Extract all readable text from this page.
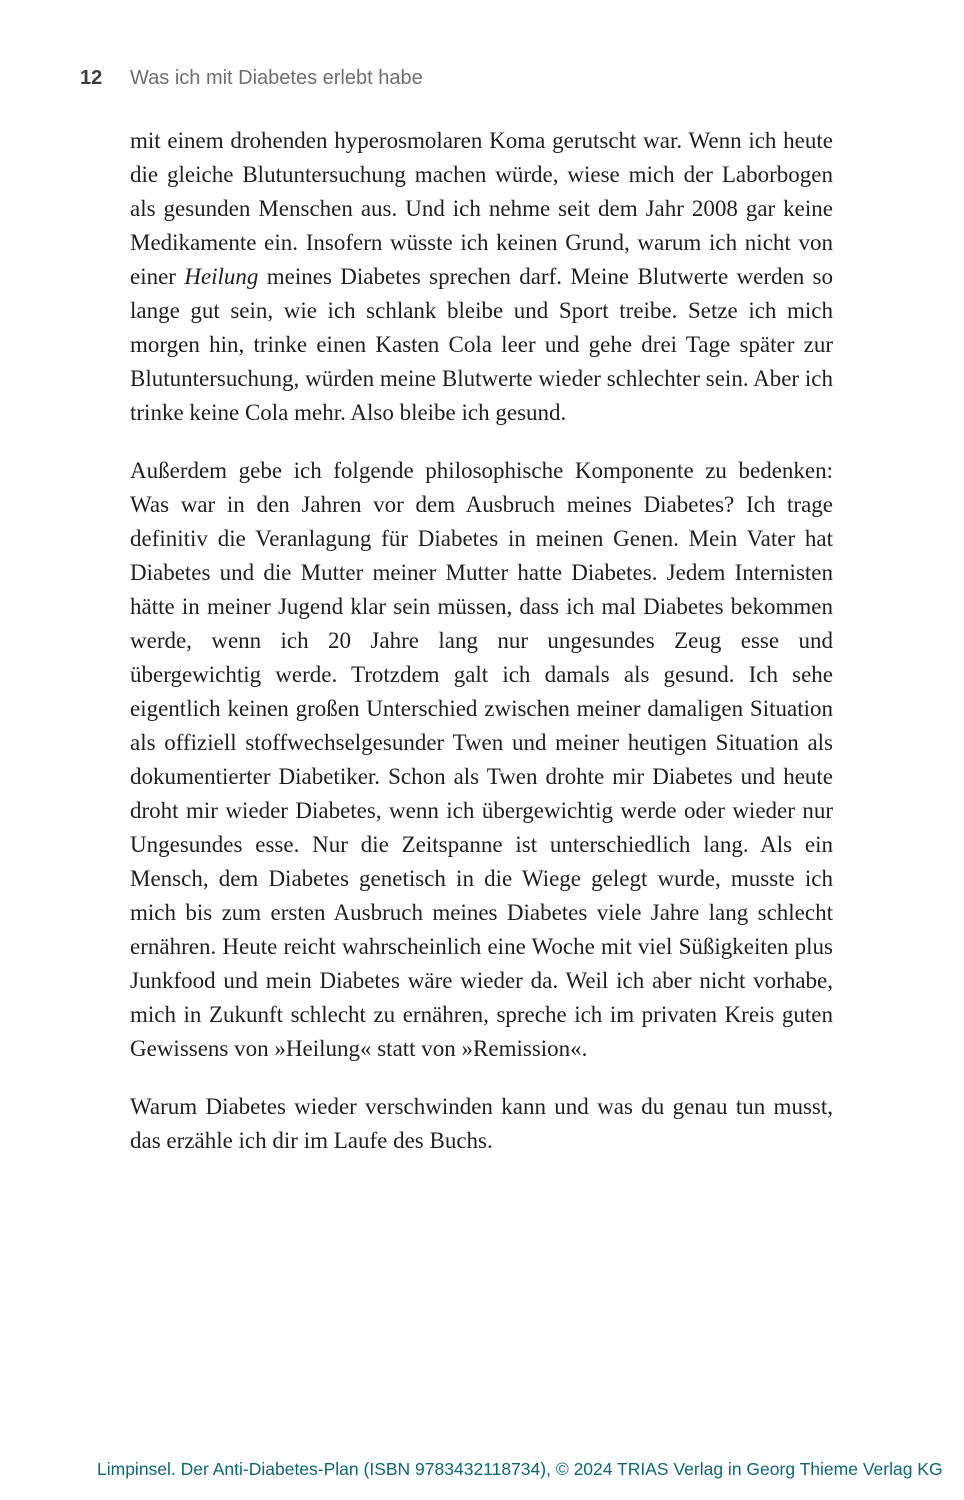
12	Was ich mit Diabetes erlebt habe

mit einem drohenden hyperosmolaren Koma gerutscht war. Wenn ich heute die gleiche Blutuntersuchung machen würde, wiese mich der Laborbogen als gesunden Menschen aus. Und ich nehme seit dem Jahr 2008 gar keine Medikamente ein. Insofern wüsste ich keinen Grund, warum ich nicht von einer Heilung meines Diabetes sprechen darf. Meine Blutwerte werden so lange gut sein, wie ich schlank bleibe und Sport treibe. Setze ich mich morgen hin, trinke einen Kasten Cola leer und gehe drei Tage später zur Blutuntersuchung, würden meine Blutwerte wieder schlechter sein. Aber ich trinke keine Cola mehr. Also bleibe ich gesund.

Außerdem gebe ich folgende philosophische Komponente zu bedenken: Was war in den Jahren vor dem Ausbruch meines Diabetes? Ich trage definitiv die Veranlagung für Diabetes in meinen Genen. Mein Vater hat Diabetes und die Mutter meiner Mutter hatte Diabetes. Jedem Internisten hätte in meiner Jugend klar sein müssen, dass ich mal Diabetes bekommen werde, wenn ich 20 Jahre lang nur ungesundes Zeug esse und übergewichtig werde. Trotzdem galt ich damals als gesund. Ich sehe eigentlich keinen großen Unterschied zwischen meiner damaligen Situation als offiziell stoffwechselgesunder Twen und meiner heutigen Situation als dokumentierter Diabetiker. Schon als Twen drohte mir Diabetes und heute droht mir wieder Diabetes, wenn ich übergewichtig werde oder wieder nur Ungesundes esse. Nur die Zeitspanne ist unterschiedlich lang. Als ein Mensch, dem Diabetes genetisch in die Wiege gelegt wurde, musste ich mich bis zum ersten Ausbruch meines Diabetes viele Jahre lang schlecht ernähren. Heute reicht wahrscheinlich eine Woche mit viel Süßigkeiten plus Junkfood und mein Diabetes wäre wieder da. Weil ich aber nicht vorhabe, mich in Zukunft schlecht zu ernähren, spreche ich im privaten Kreis guten Gewissens von »Heilung« statt von »Remission«.

Warum Diabetes wieder verschwinden kann und was du genau tun musst, das erzähle ich dir im Laufe des Buchs.

Limpinsel. Der Anti-Diabetes-Plan (ISBN 9783432118734), © 2024 TRIAS Verlag in Georg Thieme Verlag KG
